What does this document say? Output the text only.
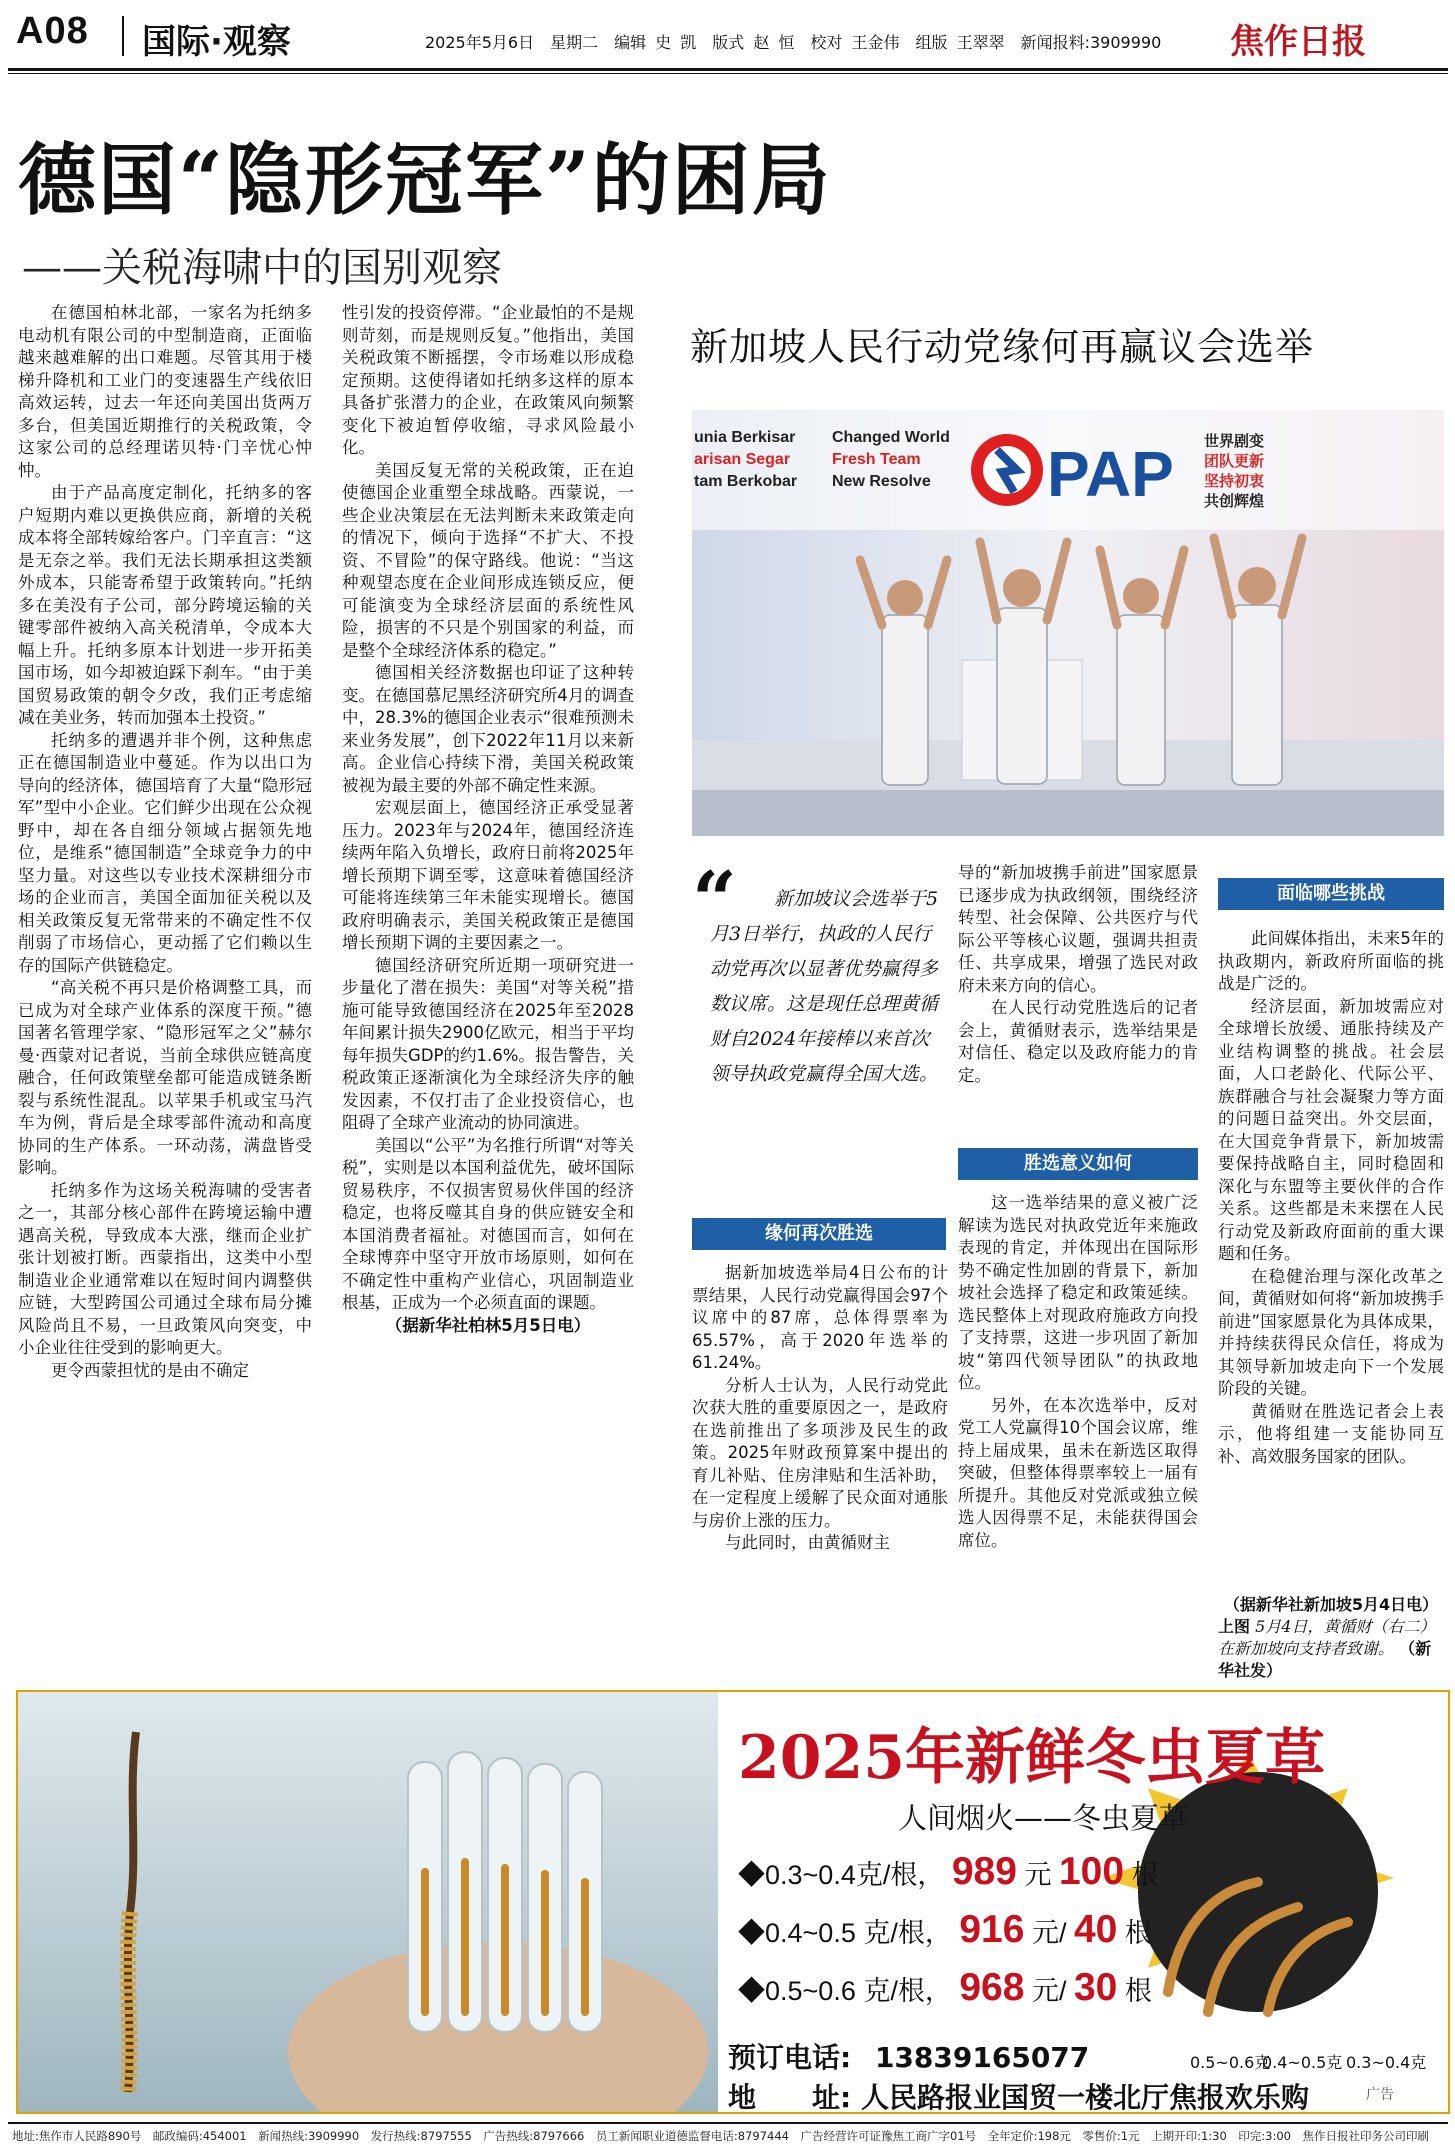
A08 国际·观察	2025年5月6日　星期二　编辑 史 凯　版式 赵 恒　校对 王金伟　组版 王翠翠　新闻报料:3909990 焦作日报
德国“隐形冠军”的困局
——关税海啸中的国别观察

在德国柏林北部，一家名为托纳多电动机有限公司的中型制造商，正面临越来越难解的出口难题。尽管其用于楼梯升降机和工业门的变速器生产线依旧高效运转，过去一年还向美国出货两万多台，但美国近期推行的关税政策，令这家公司的总经理诺贝特·门辛忧心忡忡。

由于产品高度定制化，托纳多的客户短期内难以更换供应商，新增的关税成本将全部转嫁给客户。门辛直言：“这是无奈之举。我们无法长期承担这类额外成本，只能寄希望于政策转向。”托纳多在美没有子公司，部分跨境运输的关键零部件被纳入高关税清单，令成本大幅上升。托纳多原本计划进一步开拓美国市场，如今却被迫踩下刹车。“由于美国贸易政策的朝令夕改，我们正考虑缩减在美业务，转而加强本土投资。”

托纳多的遭遇并非个例，这种焦虑正在德国制造业中蔓延。作为以出口为导向的经济体，德国培育了大量“隐形冠军”型中小企业。它们鲜少出现在公众视野中，却在各自细分领域占据领先地位，是维系“德国制造”全球竞争力的中坚力量。对这些以专业技术深耕细分市场的企业而言，美国全面加征关税以及相关政策反复无常带来的不确定性不仅削弱了市场信心，更动摇了它们赖以生存的国际产供链稳定。

“高关税不再只是价格调整工具，而已成为对全球产业体系的深度干预。”德国著名管理学家、“隐形冠军之父”赫尔曼·西蒙对记者说，当前全球供应链高度融合，任何政策壁垒都可能造成链条断裂与系统性混乱。以苹果手机或宝马汽车为例，背后是全球零部件流动和高度协同的生产体系。一环动荡，满盘皆受影响。

托纳多作为这场关税海啸的受害者之一，其部分核心部件在跨境运输中遭遇高关税，导致成本大涨，继而企业扩张计划被打断。西蒙指出，这类中小型制造业企业通常难以在短时间内调整供应链，大型跨国公司通过全球布局分摊风险尚且不易，一旦政策风向突变，中小企业往往受到的影响更大。

更令西蒙担忧的是由不确定

性引发的投资停滞。“企业最怕的不是规则苛刻，而是规则反复。”他指出，美国关税政策不断摇摆，令市场难以形成稳定预期。这使得诸如托纳多这样的原本具备扩张潜力的企业，在政策风向频繁变化下被迫暂停收缩，寻求风险最小化。

美国反复无常的关税政策，正在迫使德国企业重塑全球战略。西蒙说，一些企业决策层在无法判断未来政策走向的情况下，倾向于选择“不扩大、不投资、不冒险”的保守路线。他说：“当这种观望态度在企业间形成连锁反应，便可能演变为全球经济层面的系统性风险，损害的不只是个别国家的利益，而是整个全球经济体系的稳定。”

德国相关经济数据也印证了这种转变。在德国慕尼黑经济研究所4月的调查中，28.3%的德国企业表示“很难预测未来业务发展”，创下2022年11月以来新高。企业信心持续下滑，美国关税政策被视为最主要的外部不确定性来源。

宏观层面上，德国经济正承受显著压力。2023年与2024年，德国经济连续两年陷入负增长，政府日前将2025年增长预期下调至零，这意味着德国经济可能将连续第三年未能实现增长。德国政府明确表示，美国关税政策正是德国增长预期下调的主要因素之一。

德国经济研究所近期一项研究进一步量化了潜在损失：美国“对等关税”措施可能导致德国经济在2025年至2028年间累计损失2900亿欧元，相当于平均每年损失GDP的约1.6%。报告警告，关税政策正逐渐演化为全球经济失序的触发因素，不仅打击了企业投资信心，也阻碍了全球产业流动的协同演进。

美国以“公平”为名推行所谓“对等关税”，实则是以本国利益优先，破坏国际贸易秩序，不仅损害贸易伙伴国的经济稳定，也将反噬其自身的供应链安全和本国消费者福祉。对德国而言，如何在全球博弈中坚守开放市场原则，如何在不确定性中重构产业信心，巩固制造业根基，正成为一个必须直面的课题。

（据新华社柏林5月5日电）

新加坡人民行动党缘何再赢议会选举
unia Berkisar
arisan Segar
tam Berkobar
Changed World
Fresh Team
New Resolve PAP 世界剧变
团队更新
坚持初衷
共创辉煌
“	新加坡议会选举于5月3日举行，执政的人民行动党再次以显著优势赢得多数议席。这是现任总理黄循财自2024年接棒以来首次领导执政党赢得全国大选。
缘何再次胜选
胜选意义如何
面临哪些挑战

据新加坡选举局4日公布的计票结果，人民行动党赢得国会97个议席中的87席，总体得票率为65.57%，高于2020年选举的61.24%。

分析人士认为，人民行动党此次获大胜的重要原因之一，是政府在选前推出了多项涉及民生的政策。2025年财政预算案中提出的育儿补贴、住房津贴和生活补助，在一定程度上缓解了民众面对通胀与房价上涨的压力。

与此同时，由黄循财主

导的“新加坡携手前进”国家愿景已逐步成为执政纲领，围绕经济转型、社会保障、公共医疗与代际公平等核心议题，强调共担责任、共享成果，增强了选民对政府未来方向的信心。

在人民行动党胜选后的记者会上，黄循财表示，选举结果是对信任、稳定以及政府能力的肯定。

这一选举结果的意义被广泛解读为选民对执政党近年来施政表现的肯定，并体现出在国际形势不确定性加剧的背景下，新加坡社会选择了稳定和政策延续。选民整体上对现政府施政方向投了支持票，这进一步巩固了新加坡“第四代领导团队”的执政地位。

另外，在本次选举中，反对党工人党赢得10个国会议席，维持上届成果，虽未在新选区取得突破，但整体得票率较上一届有所提升。其他反对党派或独立候选人因得票不足，未能获得国会席位。

此间媒体指出，未来5年的执政期内，新政府所面临的挑战是广泛的。

经济层面，新加坡需应对全球增长放缓、通胀持续及产业结构调整的挑战。社会层面，人口老龄化、代际公平、族群融合与社会凝聚力等方面的问题日益突出。外交层面，在大国竞争背景下，新加坡需要保持战略自主，同时稳固和深化与东盟等主要伙伴的合作关系。这些都是未来摆在人民行动党及新政府面前的重大课题和任务。

在稳健治理与深化改革之间，黄循财如何将“新加坡携手前进”国家愿景化为具体成果，并持续获得民众信任，将成为其领导新加坡走向下一个发展阶段的关键。

黄循财在胜选记者会上表示，他将组建一支能协同互补、高效服务国家的团队。

（据新华社新加坡5月4日电）
上图 5月4日，黄循财（右二）在新加坡向支持者致谢。 （新华社发）
2025年新鲜冬虫夏草
人间烟火——冬虫夏草
◆0.3~0.4克/根， 989 元 100 根
◆0.4~0.5 克/根， 916 元/ 40 根
◆0.5~0.6 克/根， 968 元/ 30 根
预订电话: 13839165077
地　　址: 人民路报业国贸一楼北厅焦报欢乐购
0.5~0.6克
0.4~0.5克 0.3~0.4克
广告
地址:焦作市人民路890号　邮政编码:454001　新闻热线:3909990　发行热线:8797555　广告热线:8797666　员工新闻职业道德监督电话:8797444　广告经营许可证豫焦工商广字01号　全年定价:198元　零售价:1元　上期开印:1:30　印完:3:00　焦作日报社印务公司印刷
